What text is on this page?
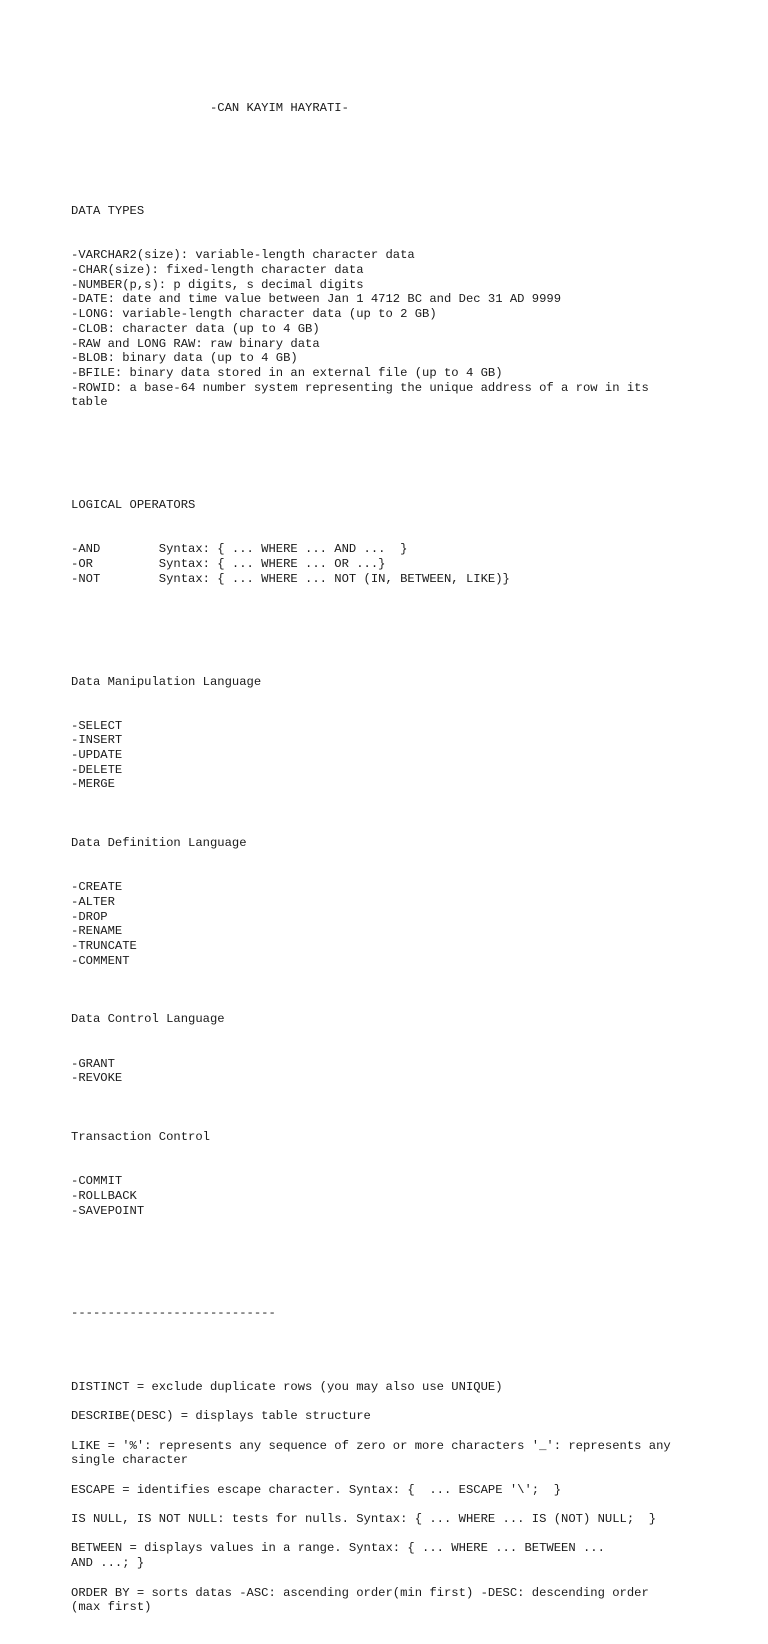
-CAN KAYIM HAYRATI-

DATA TYPES

-VARCHAR2(size): variable-length character data
-CHAR(size): fixed-length character data
-NUMBER(p,s): p digits, s decimal digits
-DATE: date and time value between Jan 1 4712 BC and Dec 31 AD 9999
-LONG: variable-length character data (up to 2 GB)
-CLOB: character data (up to 4 GB)
-RAW and LONG RAW: raw binary data
-BLOB: binary data (up to 4 GB)
-BFILE: binary data stored in an external file (up to 4 GB)
-ROWID: a base-64 number system representing the unique address of a row in its
table

LOGICAL OPERATORS

-AND        Syntax: { ... WHERE ... AND ...  }
-OR         Syntax: { ... WHERE ... OR ...}
-NOT        Syntax: { ... WHERE ... NOT (IN, BETWEEN, LIKE)}

Data Manipulation Language

-SELECT
-INSERT
-UPDATE
-DELETE
-MERGE

Data Definition Language

-CREATE
-ALTER
-DROP
-RENAME
-TRUNCATE
-COMMENT

Data Control Language

-GRANT
-REVOKE

Transaction Control

-COMMIT
-ROLLBACK
-SAVEPOINT

----------------------------

DISTINCT = exclude duplicate rows (you may also use UNIQUE)
DESCRIBE(DESC) = displays table structure
LIKE = '%': represents any sequence of zero or more characters '_': represents any
single character
ESCAPE = identifies escape character. Syntax: {  ... ESCAPE '\';  }
IS NULL, IS NOT NULL: tests for nulls. Syntax: { ... WHERE ... IS (NOT) NULL;  }
BETWEEN = displays values in a range. Syntax: { ... WHERE ... BETWEEN ...
AND ...; }
ORDER BY = sorts datas -ASC: ascending order(min first) -DESC: descending order
(max first)
